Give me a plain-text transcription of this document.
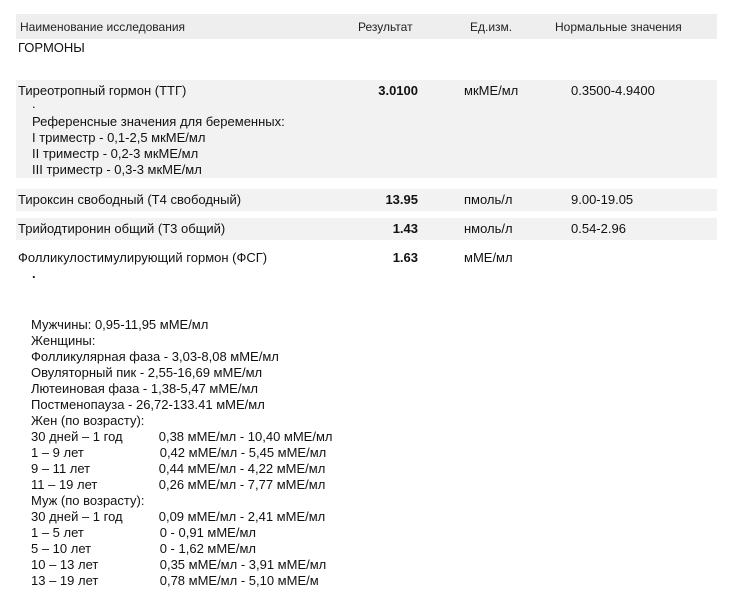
Наименование исследования	Результат	Ед.изм.	Нормальные значения
ГОРМОНЫ
Тиреотропный гормон (ТТГ)	3.0100	мкМЕ/мл	0.3500-4.9400
.
Референсные значения для беременных:
I триместр - 0,1-2,5 мкМЕ/мл
II триместр - 0,2-3 мкМЕ/мл
III триместр - 0,3-3 мкМЕ/мл
Тироксин свободный (Т4 свободный)	13.95	пмоль/л	9.00-19.05
Трийодтиронин общий (Т3 общий)	1.43	нмоль/л	0.54-2.96
Фолликулостимулирующий гормон (ФСГ)	1.63	мМЕ/мл
.
Мужчины: 0,95-11,95 мМЕ/мл
Женщины:
Фолликулярная фаза - 3,03-8,08 мМЕ/мл
Овуляторный пик - 2,55-16,69 мМЕ/мл
Лютеиновая фаза - 1,38-5,47 мМЕ/мл
Постменопауза - 26,72-133.41 мМЕ/мл
Жен (по возрасту):
30 дней – 1 год          0,38 мМЕ/мл - 10,40 мМЕ/мл
1 – 9 лет                     0,42 мМЕ/мл - 5,45 мМЕ/мл
9 – 11 лет                   0,44 мМЕ/мл - 4,22 мМЕ/мл
11 – 19 лет                 0,26 мМЕ/мл - 7,77 мМЕ/мл
Муж (по возрасту):
30 дней – 1 год          0,09 мМЕ/мл - 2,41 мМЕ/мл
1 – 5 лет                     0 - 0,91 мМЕ/мл
5 – 10 лет                   0 - 1,62 мМЕ/мл
10 – 13 лет                 0,35 мМЕ/мл - 3,91 мМЕ/мл
13 – 19 лет                 0,78 мМЕ/мл - 5,10 мМЕ/м
